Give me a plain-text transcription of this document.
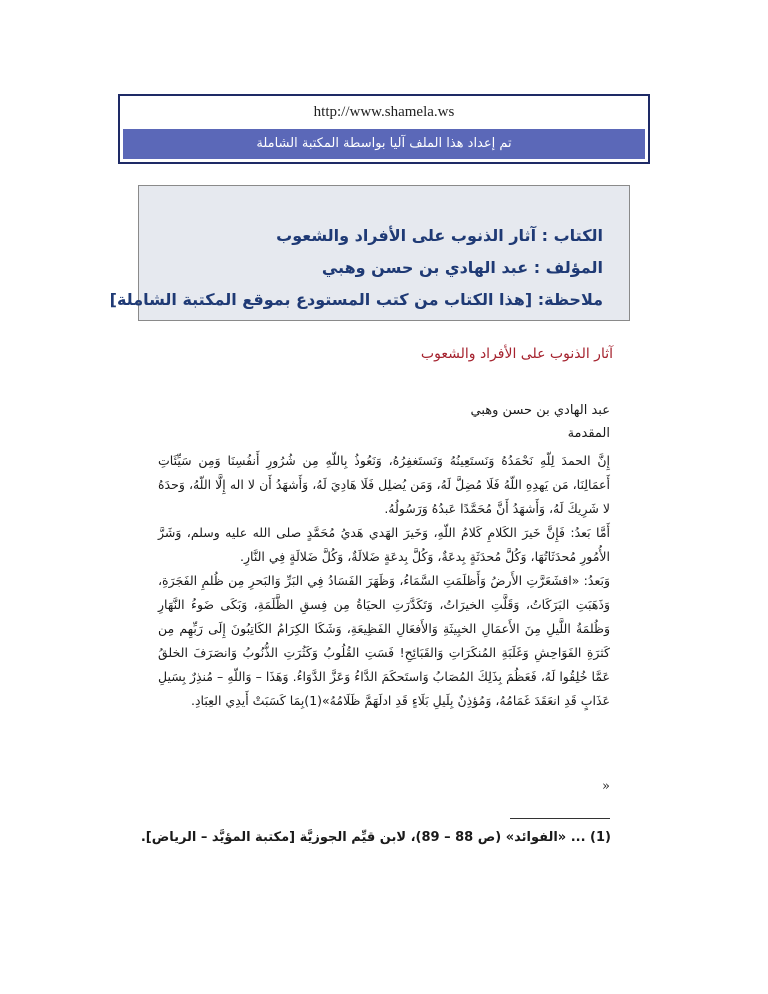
http://www.shamela.ws
تم إعداد هذا الملف آليا بواسطة المكتبة الشاملة
الكتاب : آثار الذنوب على الأفراد والشعوب
المؤلف : عبد الهادي بن حسن وهبي
ملاحظة: [هذا الكتاب من كتب المستودع بموقع المكتبة الشاملة]
آثار الذنوب على الأفراد والشعوب
عبد الهادي بن حسن وهبي
المقدمة

إِنَّ الحمدَ لِلّهِ نَحْمَدُهُ وَنَستَعِينُهُ وَنَستَغفِرُهُ، وَنَعُوذُ بِاللّهِ مِن شُرُورِ أَنفُسِنَا وَمِن سَيِّئَاتِ أَعمَالِنَا، مَن يَهدِهِ اللّهُ فَلَا مُضِلَّ لَهُ، وَمَن يُضلِل فَلَا هَادِيَ لَهُ، وَأَشهَدُ أَن لا اله إِلَّا اللّهُ، وَحدَهُ لا شَرِيكَ لَهُ، وَأَشهَدُ أَنَّ مُحَمَّدًا عَبدُهُ وَرَسُولُهُ.

أَمَّا بَعدُ: فَإِنَّ خَيرَ الكَلامِ كَلامُ اللّهِ، وَخَيرَ الهَدي هَديُ مُحَمَّدٍ صلى الله عليه وسلم، وَشَرَّ الأُمُورِ مُحدَثَاتُهَا، وَكُلَّ مُحدَثَةٍ بِدعَةٌ، وَكُلَّ بِدعَةٍ ضَلالَةٌ، وَكُلَّ ضَلالَةٍ فِي النَّارِ.

وَبَعدُ: «اقشَعَرَّتِ الأَرضُ وَأَظلَمَتِ السَّمَاءُ، وَظَهَرَ الفَسَادُ فِي البَرِّ وَالبَحرِ مِن ظُلمِ الفَجَرَةِ، وَذَهَبَتِ البَرَكَاتُ، وَقَلَّتِ الخيرَاتُ، وَتَكَدَّرَتِ الحيَاةُ مِن فِسقِ الظَّلَمَةِ، وَبَكَى ضَوءُ النَّهَارِ وَظُلمَةُ اللَّيلِ مِنَ الأَعمَالِ الخبِيثَةِ وَالأَفعَالِ الفَظِيعَةِ، وَشَكَا الكِرَامُ الكَاتِبُونَ إِلَى رَبِّهِم مِن كَثرَةِ الفَوَاحِشِ وَغَلَبَةِ المُنكَرَاتِ وَالقَبَائِحِ! فَسَتِ القُلُوبُ وَكَثُرَتِ الذُّنُوبُ وَانصَرَفَ الخلقُ عَمَّا خُلِقُوا لَهُ، فَعَظُمَ بِذَلِكَ المُصَابُ وَاستَحكَمَ الدَّاءُ وَعَزَّ الدَّوَاءُ. وَهَذَا – وَاللّهِ – مُنذِرٌ بِسَيلِ عَذَابٍ قَدِ انعَقَدَ غَمَامُهُ، وَمُؤذِنٌ بِلَيلِ بَلَاءٍ قَدِ ادلَهَمَّ ظَلَامُهُ»(1)بِمَا كَسَبَتْ أَيدِي العِبَادِ.

»
(1) ... «الفوائد» (ص 88 – 89)، لابن قيِّم الجوزيَّة [مكتبة المؤيَّد – الرياض].
